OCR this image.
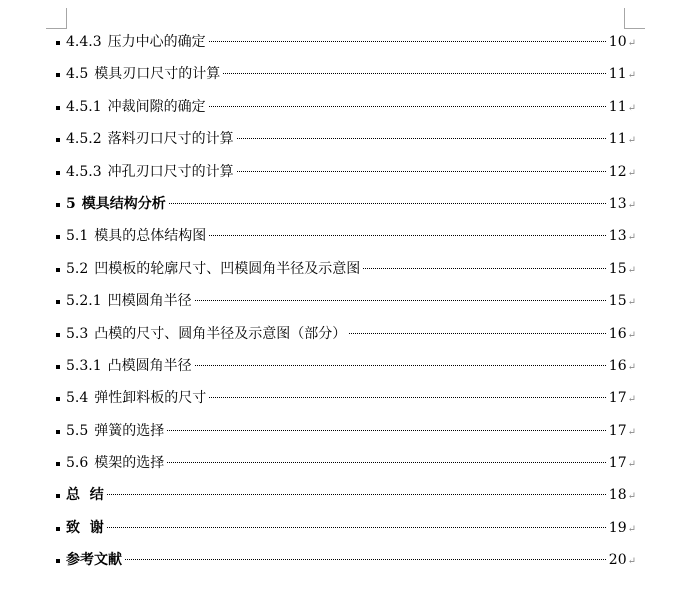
4.4.3 压力中心的确定	10 ↵
4.5 模具刃口尺寸的计算	11 ↵
4.5.1 冲裁间隙的确定	11 ↵
4.5.2 落料刃口尺寸的计算	11 ↵
4.5.3 冲孔刃口尺寸的计算	12 ↵
5 模具结构分析	13 ↵
5.1 模具的总体结构图	13 ↵
5.2 凹模板的轮廓尺寸、凹模圆角半径及示意图	15 ↵
5.2.1 凹模圆角半径	15 ↵
5.3 凸模的尺寸、圆角半径及示意图（部分）	16 ↵
5.3.1 凸模圆角半径	16 ↵
5.4 弹性卸料板的尺寸	17 ↵
5.5 弹簧的选择	17 ↵
5.6 模架的选择	17 ↵
总  结	18 ↵
致  谢	19 ↵
参考文献	20 ↵
